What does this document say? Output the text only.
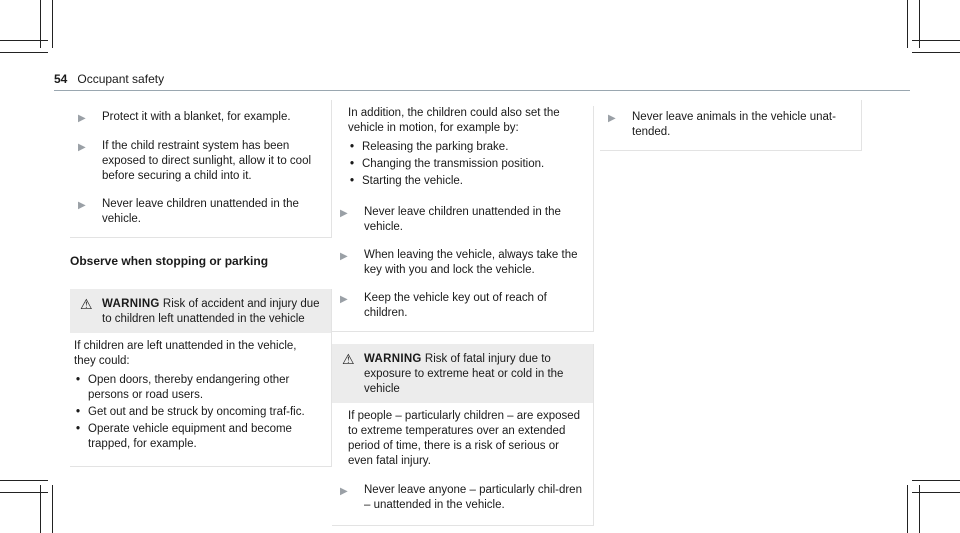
54 Occupant safety
▶	Protect it with a blanket, for example.
▶	If the child restraint system has been exposed to direct sunlight, allow it to cool before securing a child into it.
▶	Never leave children unattended in the vehicle.
Observe when stopping or parking
⚠ WARNING Risk of accident and injury due to children left unattended in the vehicle
If children are left unattended in the vehicle, they could:
• Open doors, thereby endangering other persons or road users.
• Get out and be struck by oncoming traf‐fic.
• Operate vehicle equipment and become trapped, for example.
In addition, the children could also set the vehicle in motion, for example by:
• Releasing the parking brake.
• Changing the transmission position.
• Starting the vehicle.
▶	Never leave children unattended in the vehicle.
▶	When leaving the vehicle, always take the key with you and lock the vehicle.
▶	Keep the vehicle key out of reach of children.
⚠ WARNING Risk of fatal injury due to exposure to extreme heat or cold in the vehicle
If people – particularly children – are exposed to extreme temperatures over an extended period of time, there is a risk of serious or even fatal injury.
▶	Never leave anyone – particularly chil‐dren – unattended in the vehicle.
▶	Never leave animals in the vehicle unat‐tended.
